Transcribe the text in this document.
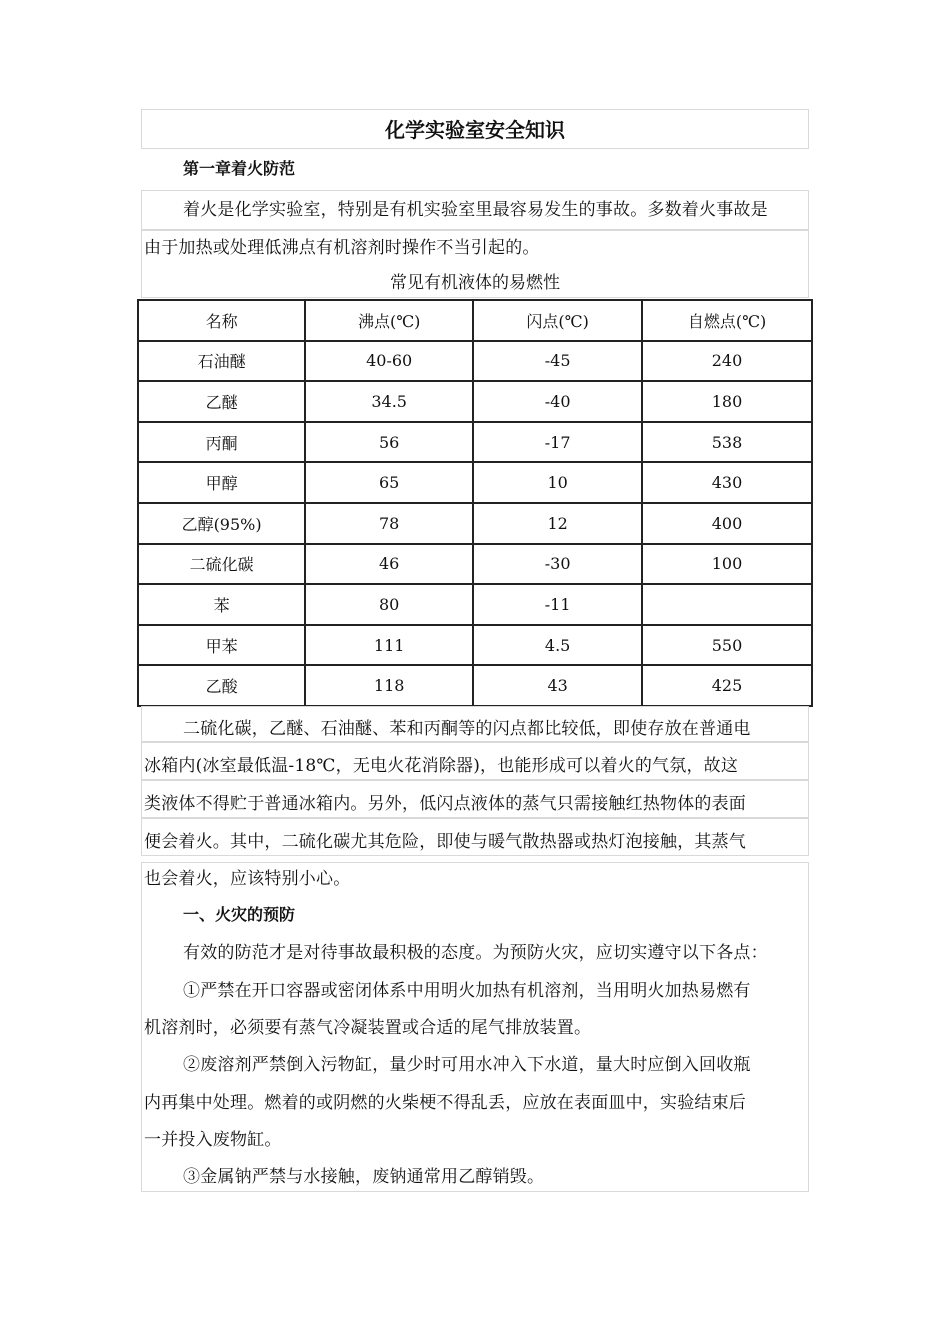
化学实验室安全知识
第一章着火防范
着火是化学实验室，特别是有机实验室里最容易发生的事故。多数着火事故是
由于加热或处理低沸点有机溶剂时操作不当引起的。
常见有机液体的易燃性
名称	沸点(℃)	闪点(℃)	自燃点(℃)
石油醚	40-60	-45	240
乙醚	34.5	-40	180
丙酮	56	-17	538
甲醇	65	10	430
乙醇(95%)	78	12	400
二硫化碳	46	-30	100
苯	80	-11	
甲苯	111	4.5	550
乙酸	118	43	425
二硫化碳，乙醚、石油醚、苯和丙酮等的闪点都比较低，即使存放在普通电
冰箱内(冰室最低温-18℃，无电火花消除器)，也能形成可以着火的气氛，故这
类液体不得贮于普通冰箱内。另外，低闪点液体的蒸气只需接触红热物体的表面
便会着火。其中，二硫化碳尤其危险，即使与暖气散热器或热灯泡接触，其蒸气
也会着火，应该特别小心。
一、火灾的预防
有效的防范才是对待事故最积极的态度。为预防火灾，应切实遵守以下各点：
①严禁在开口容器或密闭体系中用明火加热有机溶剂，当用明火加热易燃有
机溶剂时，必须要有蒸气冷凝装置或合适的尾气排放装置。
②废溶剂严禁倒入污物缸，量少时可用水冲入下水道，量大时应倒入回收瓶
内再集中处理。燃着的或阴燃的火柴梗不得乱丢，应放在表面皿中，实验结束后
一并投入废物缸。
③金属钠严禁与水接触，废钠通常用乙醇销毁。
